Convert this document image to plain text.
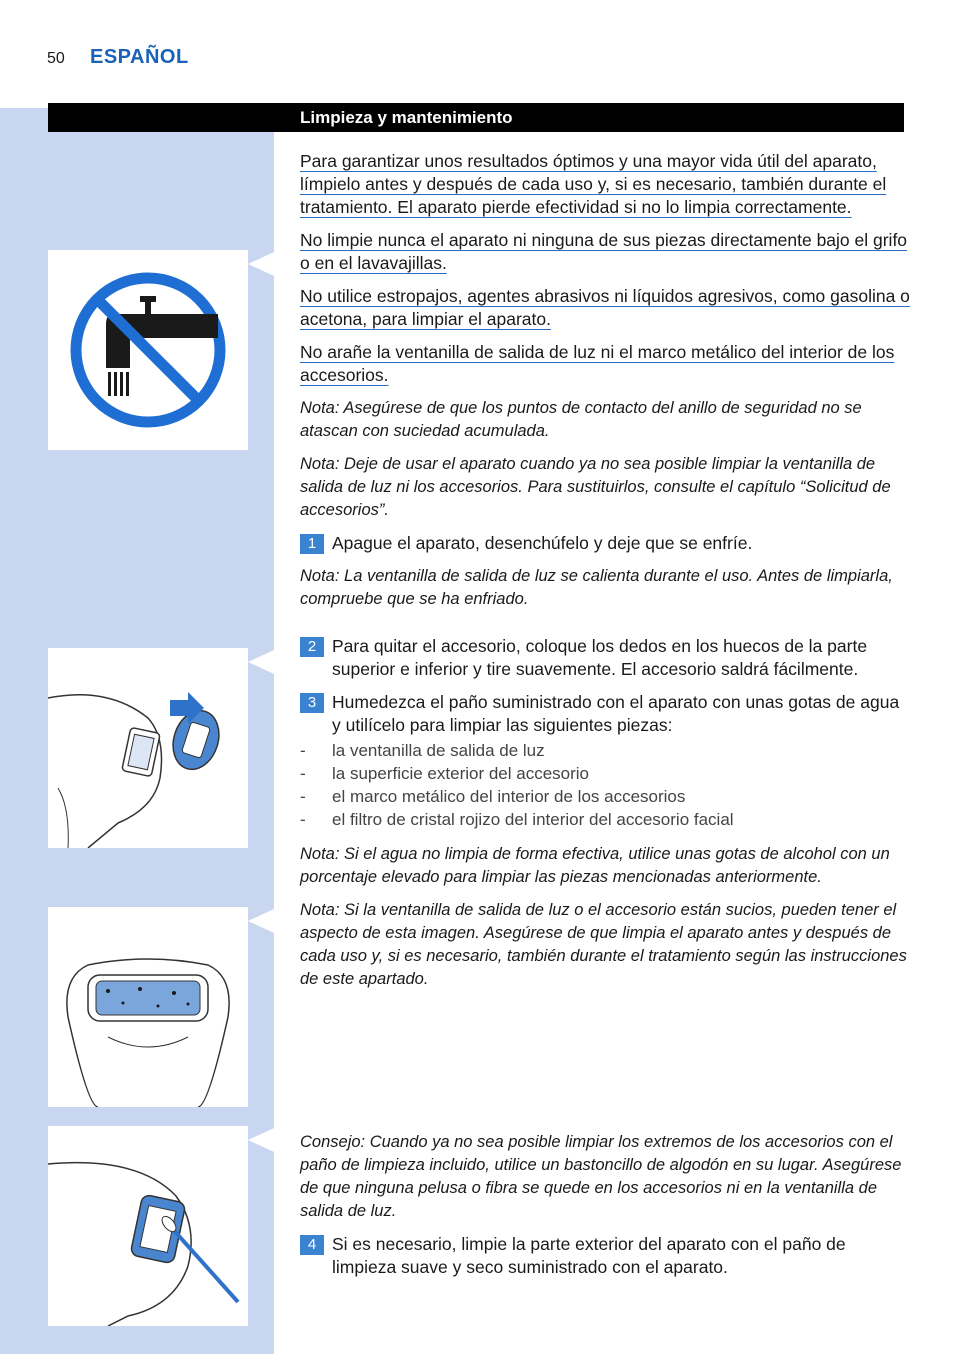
50 ESPAÑOL
Limpieza y mantenimiento

Para garantizar unos resultados óptimos y una mayor vida útil del aparato, límpielo antes y después de cada uso y, si es necesario, también durante el tratamiento. El aparato pierde efectividad si no lo limpia correctamente.

No limpie nunca el aparato ni ninguna de sus piezas directamente bajo el grifo o en el lavavajillas.

No utilice estropajos, agentes abrasivos ni líquidos agresivos, como gasolina o acetona, para limpiar el aparato.

No arañe la ventanilla de salida de luz ni el marco metálico del interior de los accesorios.

Nota: Asegúrese de que los puntos de contacto del anillo de seguridad no se atascan con suciedad acumulada.

Nota: Deje de usar el aparato cuando ya no sea posible limpiar la ventanilla de salida de luz ni los accesorios. Para sustituirlos, consulte el capítulo “Solicitud de accesorios”.

1 Apague el aparato, desenchúfelo y deje que se enfríe.

Nota: La ventanilla de salida de luz se calienta durante el uso. Antes de limpiarla, compruebe que se ha enfriado.

2 Para quitar el accesorio, coloque los dedos en los huecos de la parte superior e inferior y tire suavemente. El accesorio saldrá fácilmente.

3 Humedezca el paño suministrado con el aparato con unas gotas de agua y utilícelo para limpiar las siguientes piezas:

- la ventanilla de salida de luz
- la superficie exterior del accesorio
- el marco metálico del interior de los accesorios
- el filtro de cristal rojizo del interior del accesorio facial

Nota: Si el agua no limpia de forma efectiva, utilice unas gotas de alcohol con un porcentaje elevado para limpiar las piezas mencionadas anteriormente.

Nota: Si la ventanilla de salida de luz o el accesorio están sucios, pueden tener el aspecto de esta imagen. Asegúrese de que limpia el aparato antes y después de cada uso y, si es necesario, también durante el tratamiento según las instrucciones de este apartado.

Consejo: Cuando ya no sea posible limpiar los extremos de los accesorios con el paño de limpieza incluido, utilice un bastoncillo de algodón en su lugar. Asegúrese de que ninguna pelusa o fibra se quede en los accesorios ni en la ventanilla de salida de luz.

4 Si es necesario, limpie la parte exterior del aparato con el paño de limpieza suave y seco suministrado con el aparato.
